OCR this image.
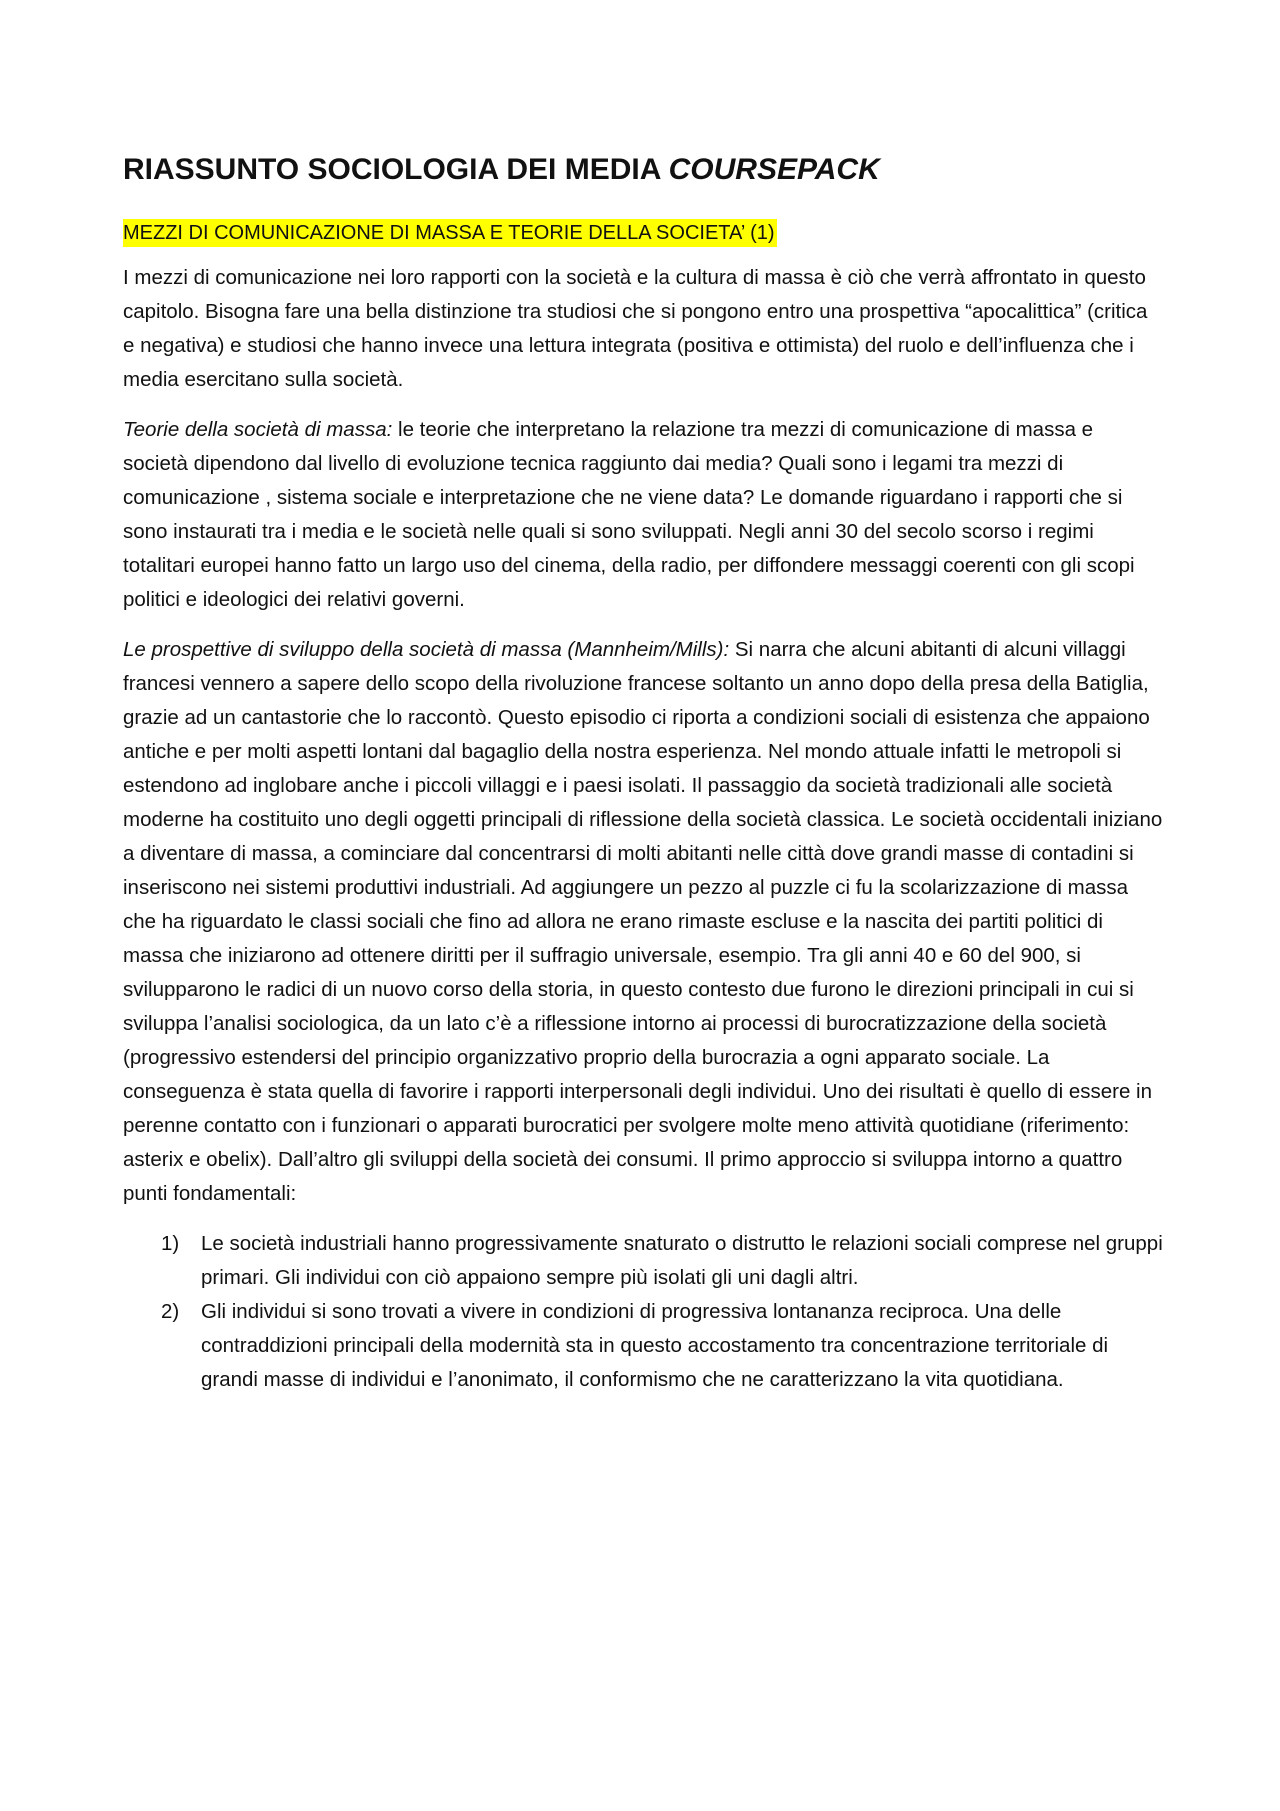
RIASSUNTO SOCIOLOGIA DEI MEDIA COURSEPACK
MEZZI DI COMUNICAZIONE DI MASSA E TEORIE DELLA SOCIETA’ (1)

I mezzi di comunicazione nei loro rapporti con la società e la cultura di massa è ciò che verrà affrontato in questo capitolo. Bisogna fare una bella distinzione tra studiosi che si pongono entro una prospettiva “apocalittica” (critica e negativa) e studiosi che hanno invece una lettura integrata (positiva e ottimista) del ruolo e dell’influenza che i media esercitano sulla società.

Teorie della società di massa: le teorie che interpretano la relazione tra mezzi di comunicazione di massa e società dipendono dal livello di evoluzione tecnica raggiunto dai media? Quali sono i legami tra mezzi di comunicazione , sistema sociale e interpretazione che ne viene data? Le domande riguardano i rapporti che si sono instaurati tra i media e le società nelle quali si sono sviluppati. Negli anni 30 del secolo scorso i regimi totalitari europei hanno fatto un largo uso del cinema, della radio, per diffondere messaggi coerenti con gli scopi politici e ideologici dei relativi governi.

Le prospettive di sviluppo della società di massa (Mannheim/Mills): Si narra che alcuni abitanti di alcuni villaggi francesi vennero a sapere dello scopo della rivoluzione francese soltanto un anno dopo della presa della Batiglia, grazie ad un cantastorie che lo raccontò. Questo episodio ci riporta a condizioni sociali di esistenza che appaiono antiche e per molti aspetti lontani dal bagaglio della nostra esperienza. Nel mondo attuale infatti le metropoli si estendono ad inglobare anche i piccoli villaggi e i paesi isolati. Il passaggio da società tradizionali alle società moderne ha costituito uno degli oggetti principali di riflessione della società classica. Le società occidentali iniziano a diventare di massa, a cominciare dal concentrarsi di molti abitanti nelle città dove grandi masse di contadini si inseriscono nei sistemi produttivi industriali. Ad aggiungere un pezzo al puzzle ci fu la scolarizzazione di massa che ha riguardato le classi sociali che fino ad allora ne erano rimaste escluse e la nascita dei partiti politici di massa che iniziarono ad ottenere diritti per il suffragio universale, esempio. Tra gli anni 40 e 60 del 900, si svilupparono le radici di un nuovo corso della storia, in questo contesto due furono le direzioni principali in cui si sviluppa l’analisi sociologica, da un lato c’è a riflessione intorno ai processi di burocratizzazione della società (progressivo estendersi del principio organizzativo proprio della burocrazia a ogni apparato sociale. La conseguenza è stata quella di favorire i rapporti interpersonali degli individui. Uno dei risultati è quello di essere in perenne contatto con i funzionari o apparati burocratici per svolgere molte meno attività quotidiane (riferimento: asterix e obelix). Dall’altro gli sviluppi della società dei consumi. Il primo approccio si sviluppa intorno a quattro punti fondamentali:

1) Le società industriali hanno progressivamente snaturato o distrutto le relazioni sociali comprese nel gruppi primari. Gli individui con ciò appaiono sempre più isolati gli uni dagli altri.
2) Gli individui si sono trovati a vivere in condizioni di progressiva lontananza reciproca. Una delle contraddizioni principali della modernità sta in questo accostamento tra concentrazione territoriale di grandi masse di individui e l’anonimato, il conformismo che ne caratterizzano la vita quotidiana.
